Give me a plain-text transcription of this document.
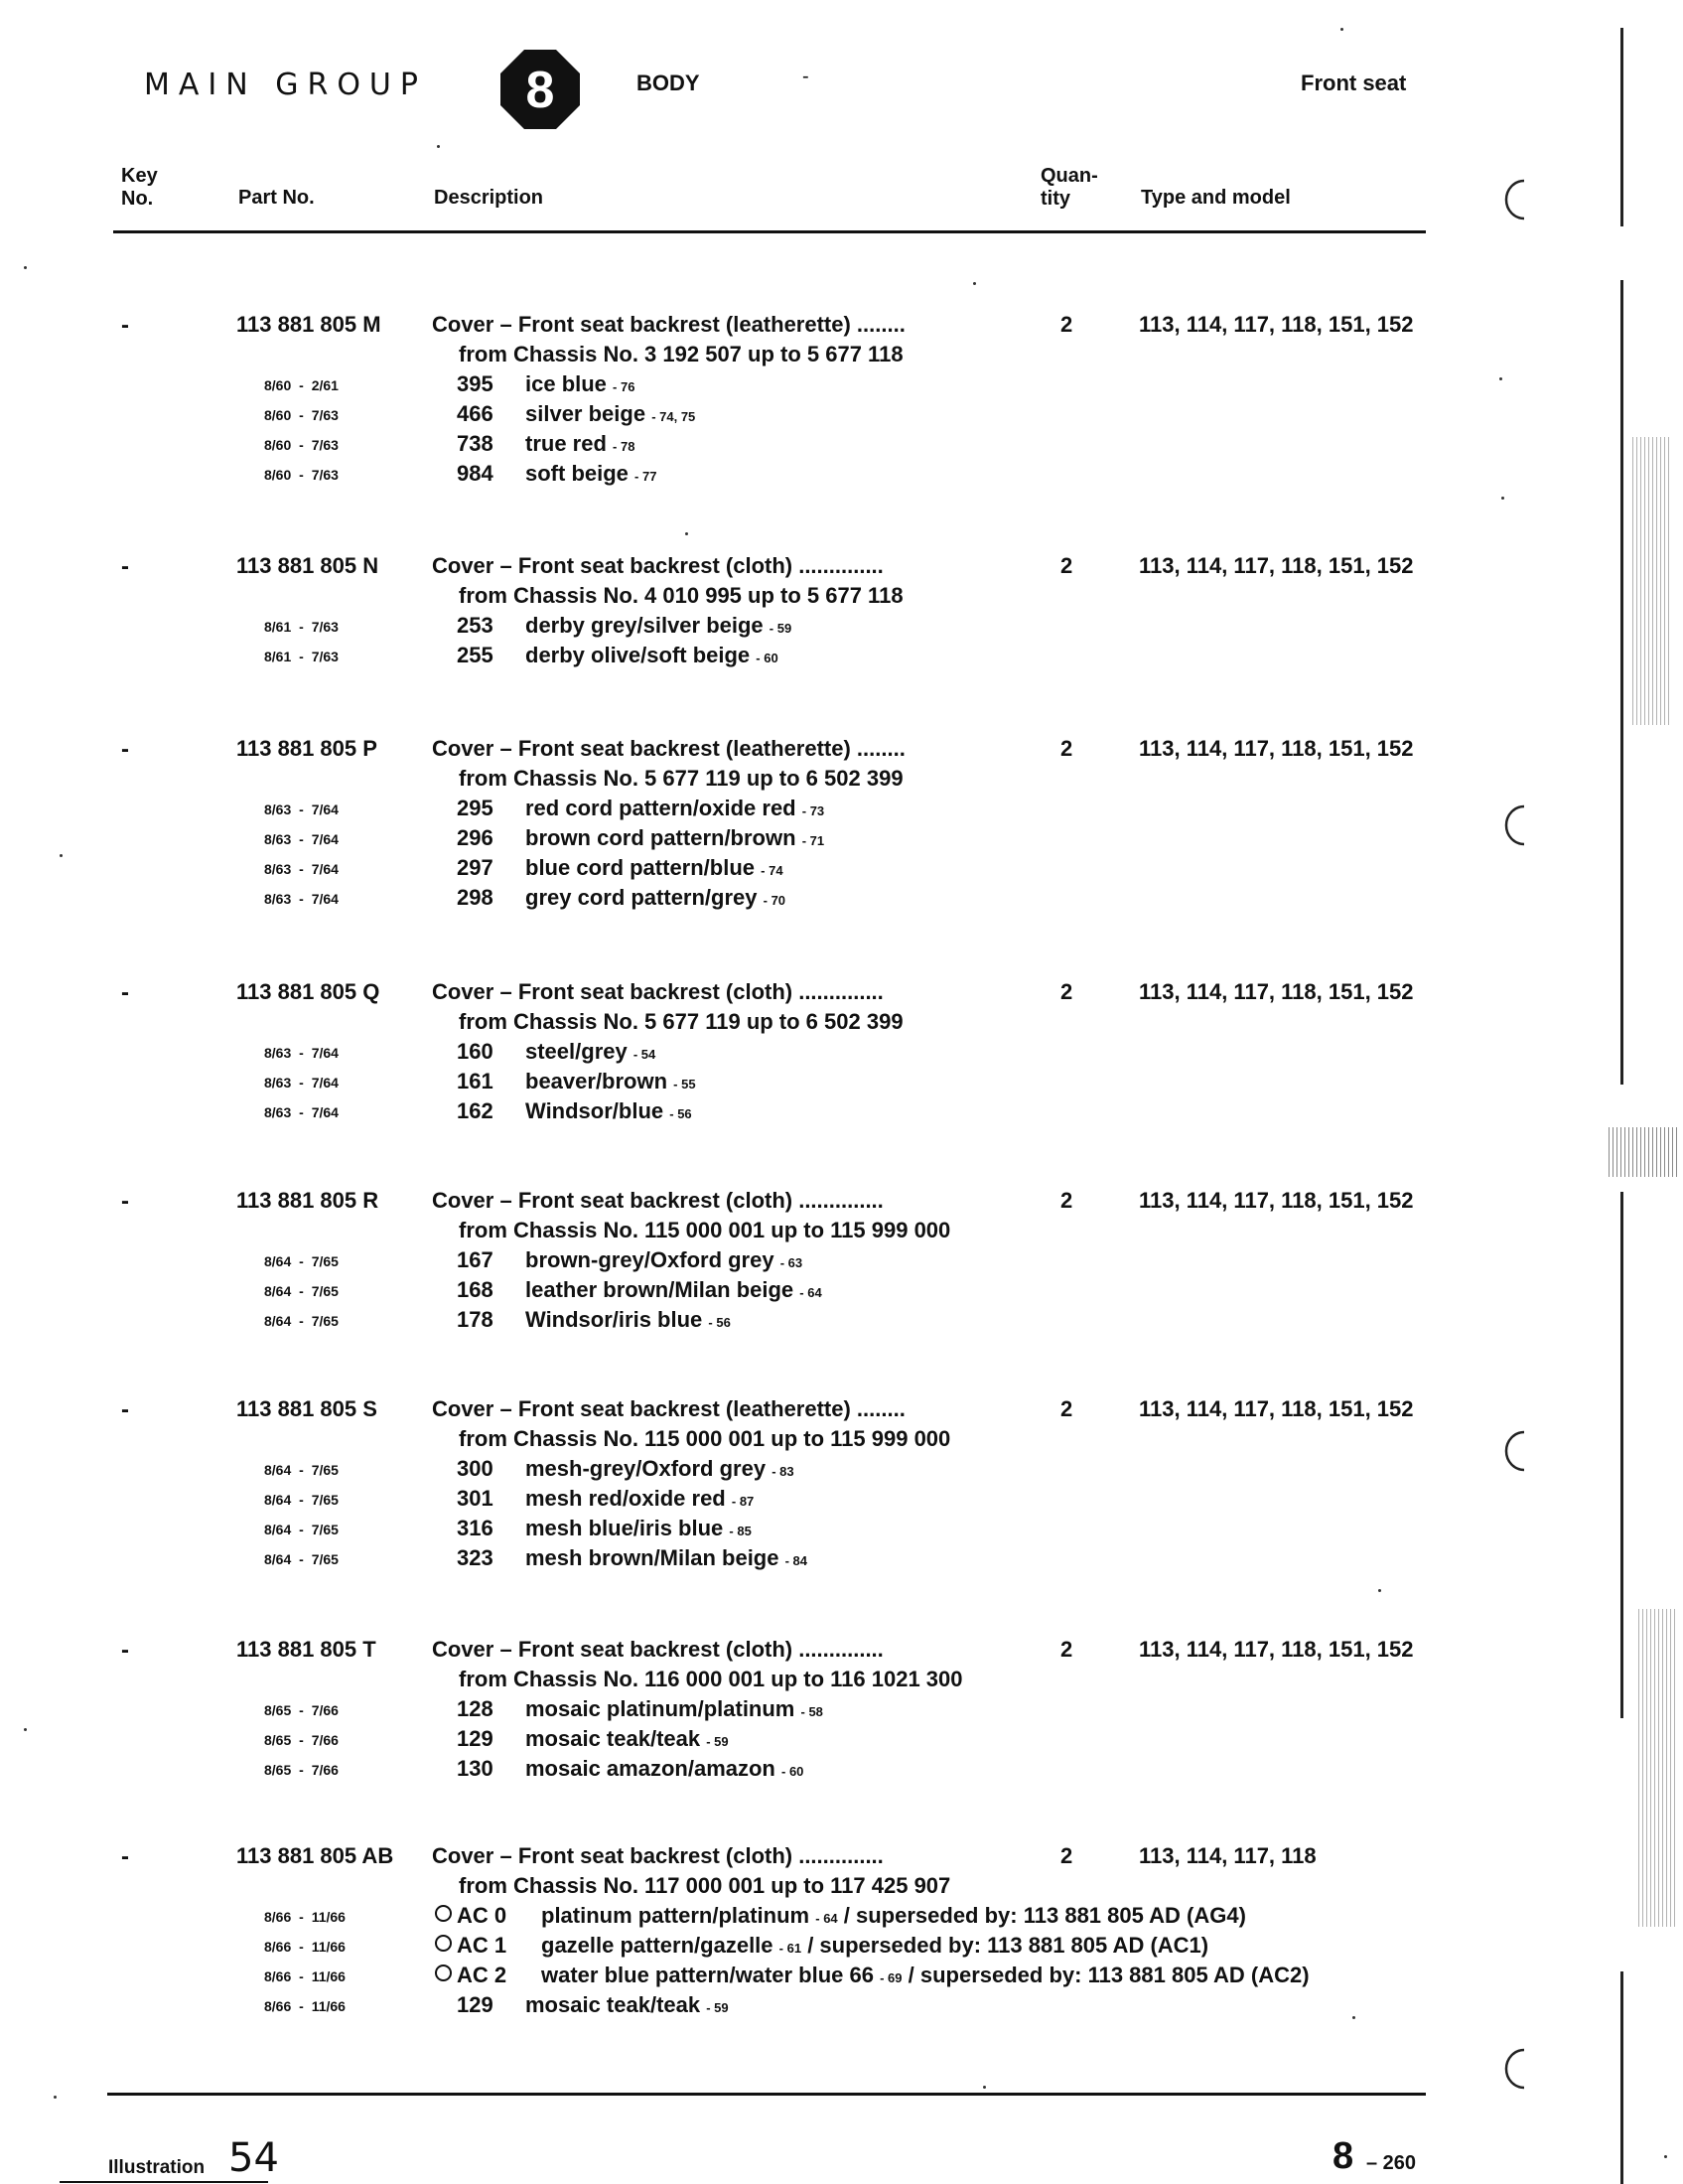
MAIN GROUP 8	BODY	-	Front seat
Key
No.	Part No.	Description
Quan-
tity	Type and model
-	113 881 805 M Cover – Front seat backrest (leatherette) ........	2	113, 114, 117, 118, 151, 152
from Chassis No. 3 192 507 up to 5 677 118
8/60 - 2/61	395 ice blue - 76
8/60 - 7/63	466 silver beige - 74, 75
8/60 - 7/63	738 true red - 78
8/60 - 7/63	984 soft beige - 77
-	113 881 805 N Cover – Front seat backrest (cloth) ..............	2	113, 114, 117, 118, 151, 152
from Chassis No. 4 010 995 up to 5 677 118
8/61 - 7/63	253 derby grey/silver beige - 59
8/61 - 7/63	255 derby olive/soft beige - 60
-	113 881 805 P	Cover – Front seat backrest (leatherette) ........	2	113, 114, 117, 118, 151, 152
from Chassis No. 5 677 119 up to 6 502 399
8/63 - 7/64	295 red cord pattern/oxide red - 73
8/63 - 7/64	296 brown cord pattern/brown - 71
8/63 - 7/64	297 blue cord pattern/blue - 74
8/63 - 7/64	298 grey cord pattern/grey - 70
-	113 881 805 Q Cover – Front seat backrest (cloth) ..............	2	113, 114, 117, 118, 151, 152
from Chassis No. 5 677 119 up to 6 502 399
8/63 - 7/64	160 steel/grey - 54
8/63 - 7/64	161 beaver/brown - 55
8/63 - 7/64	162 Windsor/blue - 56
-	113 881 805 R Cover – Front seat backrest (cloth) ..............	2	113, 114, 117, 118, 151, 152
from Chassis No. 115 000 001 up to 115 999 000
8/64 - 7/65	167 brown-grey/Oxford grey - 63
8/64 - 7/65	168 leather brown/Milan beige - 64
8/64 - 7/65	178 Windsor/iris blue - 56
-	113 881 805 S	Cover – Front seat backrest (leatherette) ........	2	113, 114, 117, 118, 151, 152
from Chassis No. 115 000 001 up to 115 999 000
8/64 - 7/65	300 mesh-grey/Oxford grey - 83
8/64 - 7/65	301 mesh red/oxide red - 87
8/64 - 7/65	316 mesh blue/iris blue - 85
8/64 - 7/65	323 mesh brown/Milan beige - 84
-	113 881 805 T	Cover – Front seat backrest (cloth) ..............	2	113, 114, 117, 118, 151, 152
from Chassis No. 116 000 001 up to 116 1021 300
8/65 - 7/66	128 mosaic platinum/platinum - 58
8/65 - 7/66	129 mosaic teak/teak - 59
8/65 - 7/66	130 mosaic amazon/amazon - 60
-	113 881 805 AB Cover – Front seat backrest (cloth) ..............	2	113, 114, 117, 118
from Chassis No. 117 000 001 up to 117 425 907
8/66 - 11/66	AC 0 platinum pattern/platinum - 64 / superseded by: 113 881 805 AD (AG4)
8/66 - 11/66	AC 1 gazelle pattern/gazelle - 61 / superseded by: 113 881 805 AD (AC1)
8/66 - 11/66	AC 2 water blue pattern/water blue 66 - 69 / superseded by: 113 881 805 AD (AC2)
8/66 - 11/66	129 mosaic teak/teak - 59
Illustration 54	8 – 260
